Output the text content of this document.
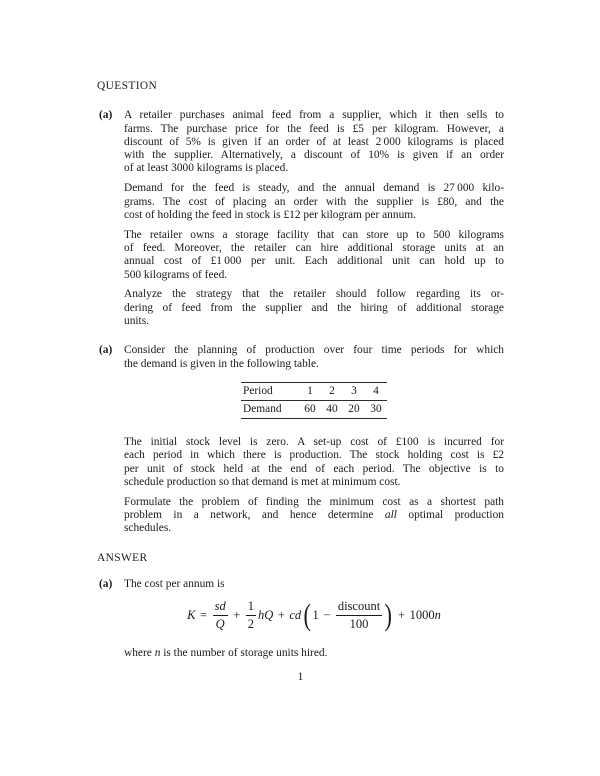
QUESTION
(a)	A retailer purchases animal feed from a supplier, which it then sells to
farms. The purchase price for the feed is £5 per kilogram. However, a
discount of 5% is given if an order of at least 2 000 kilograms is placed
with the supplier. Alternatively, a discount of 10% is given if an order
of at least 3000 kilograms is placed.
Demand for the feed is steady, and the annual demand is 27 000 kilo-
grams. The cost of placing an order with the supplier is £80, and the
cost of holding the feed in stock is £12 per kilogram per annum.
The retailer owns a storage facility that can store up to 500 kilograms
of feed. Moreover, the retailer can hire additional storage units at an
annual cost of £1 000 per unit. Each additional unit can hold up to
500 kilograms of feed.
Analyze the strategy that the retailer should follow regarding its or-
dering of feed from the supplier and the hiring of additional storage
units.
(a)	Consider the planning of production over four time periods for which
the demand is given in the following table.
Period	1	2	3	4
Demand	60	40	20	30
The initial stock level is zero. A set-up cost of £100 is incurred for
each period in which there is production. The stock holding cost is £2
per unit of stock held at the end of each period. The objective is to
schedule production so that demand is met at minimum cost.
Formulate the problem of finding the minimum cost as a shortest path
problem in a network, and hence determine all optimal production
schedules.
ANSWER
(a)	The cost per annum is
$K = \frac{sd}{Q} + \frac{1}{2}$ hQ + cd ( $1 - \frac{\text{discount}}{100}$ ) + 1000 n
where n is the number of storage units hired.
1
